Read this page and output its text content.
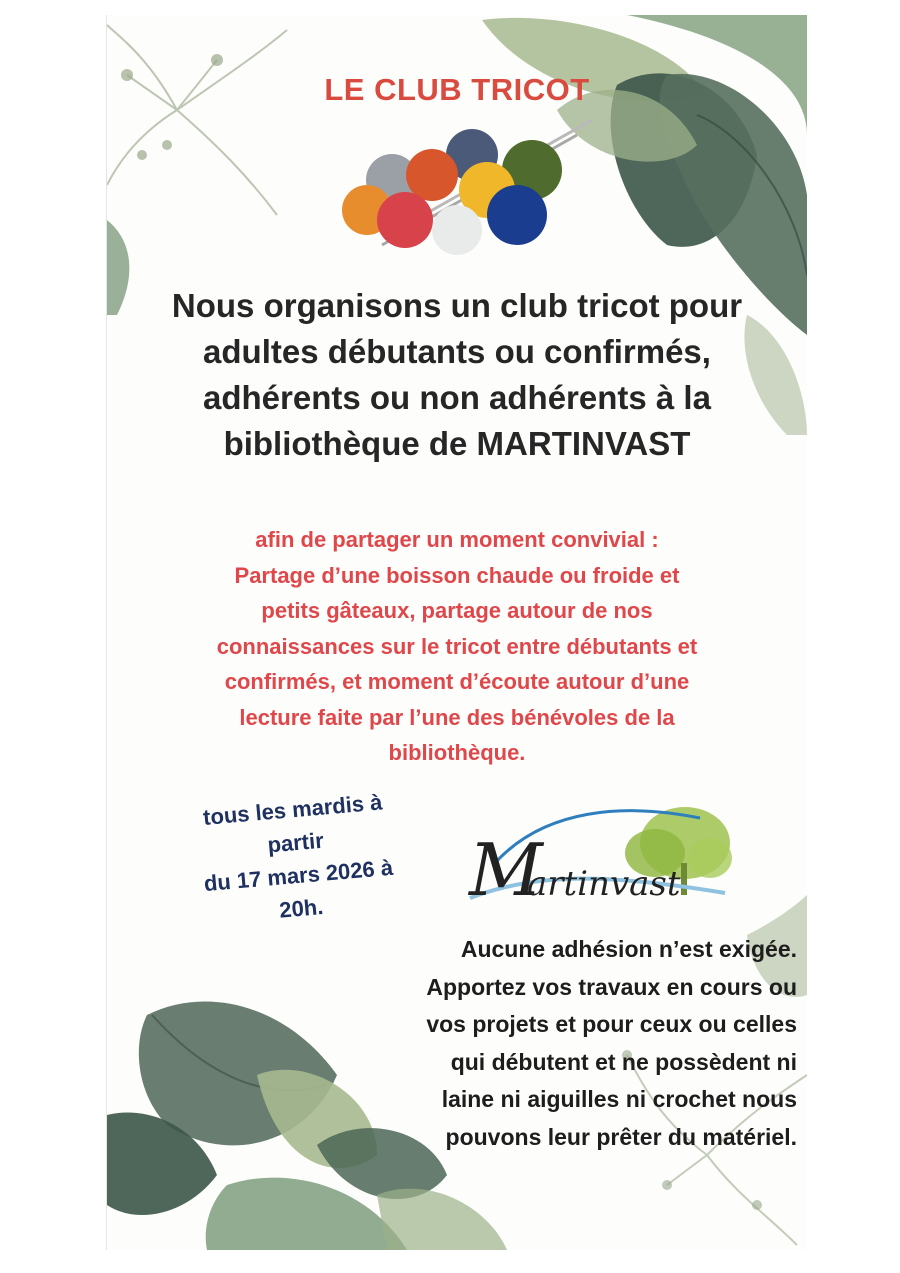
LE CLUB TRICOT
Nous organisons un club tricot pour
adultes débutants ou confirmés,
adhérents ou non adhérents à la
bibliothèque de MARTINVAST
afin de partager un moment convivial :
Partage d’une boisson chaude ou froide et
petits gâteaux, partage autour de nos
connaissances sur le tricot entre débutants et
confirmés, et moment d’écoute autour d’une
lecture faite par l’une des bénévoles de la
bibliothèque.
tous les mardis à
partir
du 17 mars 2026 à
20h.	M
artinvast
Aucune adhésion n’est exigée.
Apportez vos travaux en cours ou
vos projets et pour ceux ou celles
qui débutent et ne possèdent ni
laine ni aiguilles ni crochet nous
pouvons leur prêter du matériel.
